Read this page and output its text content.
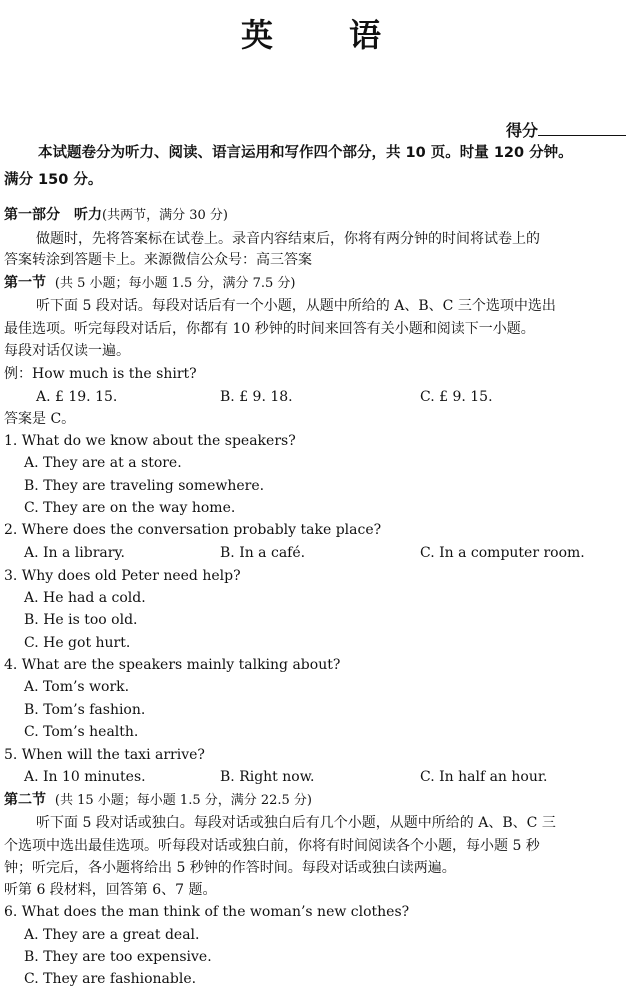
英　语
得分
本试题卷分为听力、阅读、语言运用和写作四个部分，共 10 页。时量 120 分钟。
满分 150 分。
第一部分　听力(共两节，满分 30 分)
做题时，先将答案标在试卷上。录音内容结束后，你将有两分钟的时间将试卷上的
答案转涂到答题卡上。来源微信公众号：高三答案
第一节 (共 5 小题；每小题 1.5 分，满分 7.5 分)
听下面 5 段对话。每段对话后有一个小题，从题中所给的 A、B、C 三个选项中选出
最佳选项。听完每段对话后，你都有 10 秒钟的时间来回答有关小题和阅读下一小题。
每段对话仅读一遍。
例：How much is the shirt?
A. £ 19. 15.	B. £ 9. 18.	C. £ 9. 15.
答案是 C。
1. What do we know about the speakers?
A. They are at a store.
B. They are traveling somewhere.
C. They are on the way home.
2. Where does the conversation probably take place?
A. In a library.	B. In a café.	C. In a computer room.
3. Why does old Peter need help?
A. He had a cold.
B. He is too old.
C. He got hurt.
4. What are the speakers mainly talking about?
A. Tom’s work.
B. Tom’s fashion.
C. Tom’s health.
5. When will the taxi arrive?
A. In 10 minutes.	B. Right now.	C. In half an hour.
第二节 (共 15 小题；每小题 1.5 分，满分 22.5 分)
听下面 5 段对话或独白。每段对话或独白后有几个小题，从题中所给的 A、B、C 三
个选项中选出最佳选项。听每段对话或独白前，你将有时间阅读各个小题，每小题 5 秒
钟；听完后，各小题将给出 5 秒钟的作答时间。每段对话或独白读两遍。
听第 6 段材料，回答第 6、7 题。
6. What does the man think of the woman’s new clothes?
A. They are a great deal.
B. They are too expensive.
C. They are fashionable.
